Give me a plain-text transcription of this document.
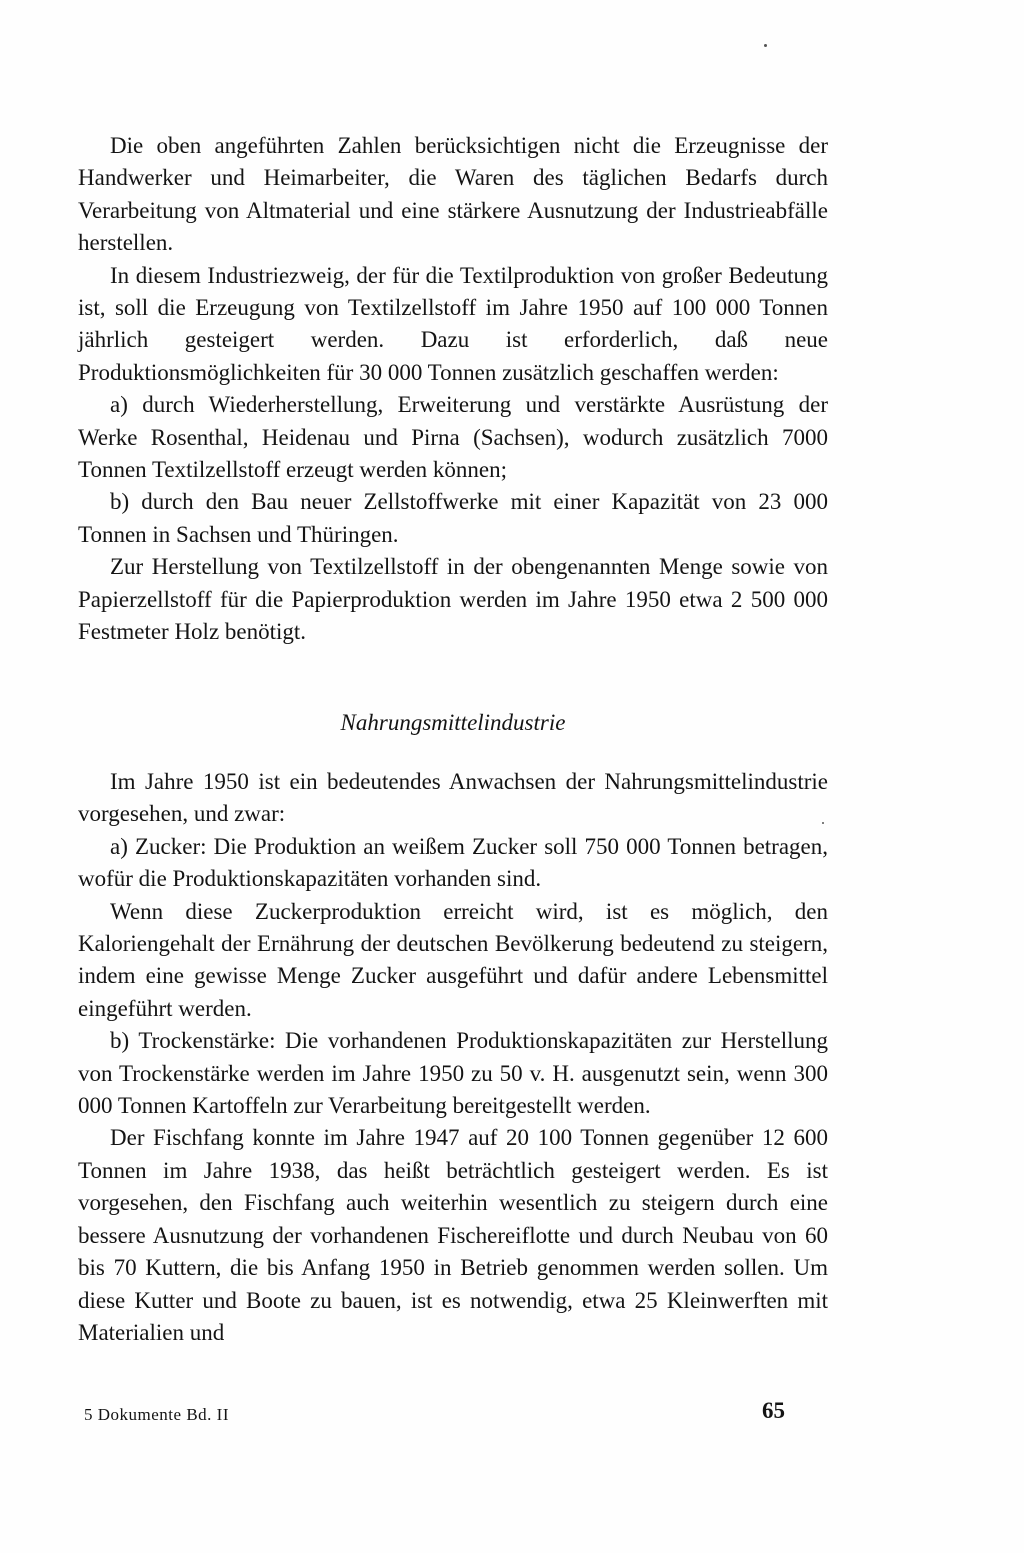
Die oben angeführten Zahlen berücksichtigen nicht die Erzeugnisse der Handwerker und Heimarbeiter, die Waren des täglichen Bedarfs durch Verarbeitung von Altmaterial und eine stärkere Ausnutzung der Industrieabfälle herstellen.

In diesem Industriezweig, der für die Textilproduktion von großer Bedeutung ist, soll die Erzeugung von Textilzellstoff im Jahre 1950 auf 100 000 Tonnen jährlich gesteigert werden. Dazu ist erforderlich, daß neue Produktionsmöglichkeiten für 30 000 Tonnen zusätzlich geschaffen werden:

a) durch Wiederherstellung, Erweiterung und verstärkte Ausrüstung der Werke Rosenthal, Heidenau und Pirna (Sachsen), wodurch zusätzlich 7000 Tonnen Textilzellstoff erzeugt werden können;

b) durch den Bau neuer Zellstoffwerke mit einer Kapazität von 23 000 Tonnen in Sachsen und Thüringen.

Zur Herstellung von Textilzellstoff in der obengenannten Menge sowie von Papierzellstoff für die Papierproduktion werden im Jahre 1950 etwa 2 500 000 Festmeter Holz benötigt.

Nahrungsmittelindustrie

Im Jahre 1950 ist ein bedeutendes Anwachsen der Nahrungsmittelindustrie vorgesehen, und zwar:

a) Zucker: Die Produktion an weißem Zucker soll 750 000 Tonnen betragen, wofür die Produktionskapazitäten vorhanden sind.

Wenn diese Zuckerproduktion erreicht wird, ist es möglich, den Kaloriengehalt der Ernährung der deutschen Bevölkerung bedeutend zu steigern, indem eine gewisse Menge Zucker ausgeführt und dafür andere Lebensmittel eingeführt werden.

b) Trockenstärke: Die vorhandenen Produktionskapazitäten zur Herstellung von Trockenstärke werden im Jahre 1950 zu 50 v. H. ausgenutzt sein, wenn 300 000 Tonnen Kartoffeln zur Verarbeitung bereitgestellt werden.

Der Fischfang konnte im Jahre 1947 auf 20 100 Tonnen gegenüber 12 600 Tonnen im Jahre 1938, das heißt beträchtlich gesteigert werden. Es ist vorgesehen, den Fischfang auch weiterhin wesentlich zu steigern durch eine bessere Ausnutzung der vorhandenen Fischereiflotte und durch Neubau von 60 bis 70 Kuttern, die bis Anfang 1950 in Betrieb genommen werden sollen. Um diese Kutter und Boote zu bauen, ist es notwendig, etwa 25 Kleinwerften mit Materialien und

5 Dokumente Bd. II	65
